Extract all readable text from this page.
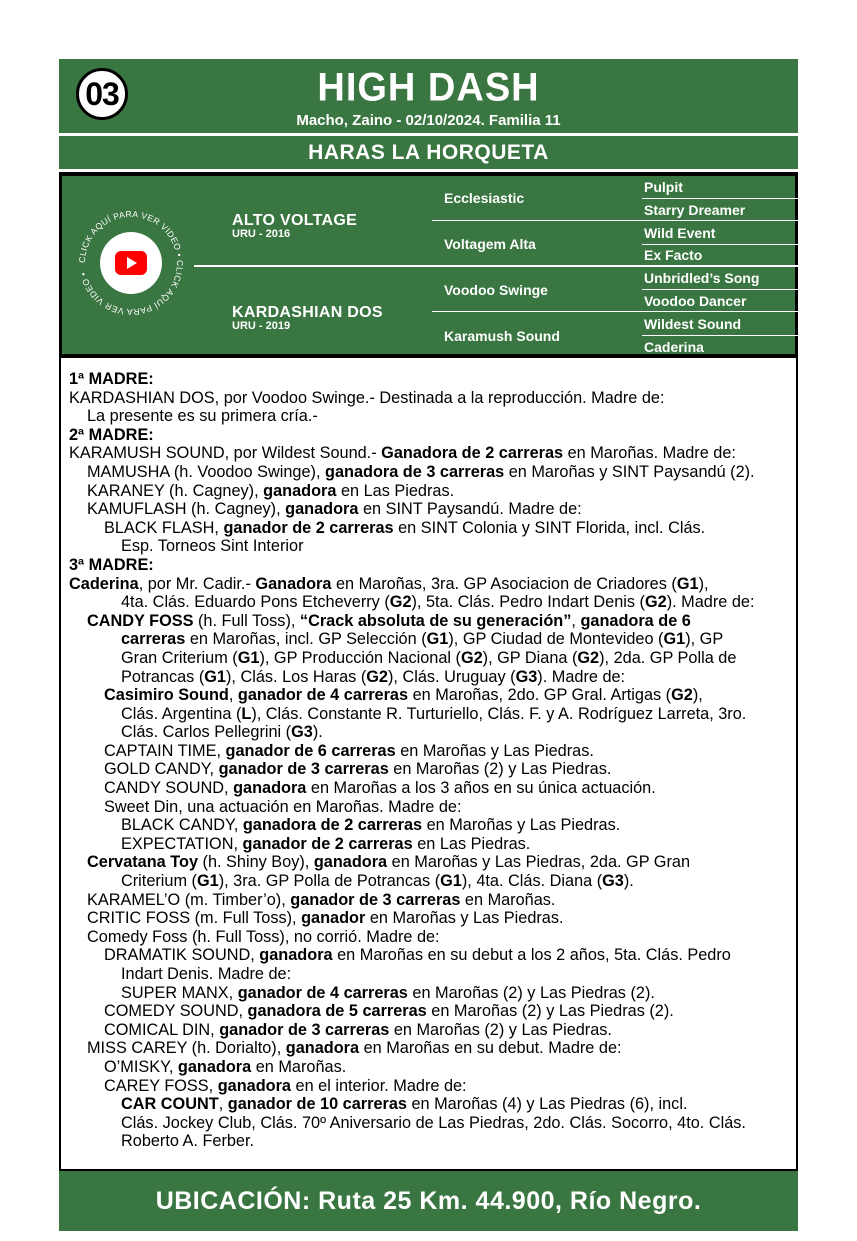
03	HIGH DASH
Macho, Zaino - 02/10/2024. Familia 11
HARAS LA HORQUETA
CLICK AQUÍ PARA VER VIDEO • CLICK AQUÍ PARA VER VIDEO •
ALTO VOLTAGE
URU - 2016
KARDASHIAN DOS
URU - 2019
Ecclesiastic
Voltagem Alta
Voodoo Swinge
Karamush Sound
Pulpit
Starry Dreamer
Wild Event
Ex Facto
Unbridled’s Song
Voodoo Dancer
Wildest Sound
Caderina
1ª MADRE:
KARDASHIAN DOS, por Voodoo Swinge.- Destinada a la reproducción. Madre de:
La presente es su primera cría.-
2ª MADRE:
KARAMUSH SOUND, por Wildest Sound.- Ganadora de 2 carreras en Maroñas. Madre de:
MAMUSHA (h. Voodoo Swinge), ganadora de 3 carreras en Maroñas y SINT Paysandú (2).
KARANEY (h. Cagney), ganadora en Las Piedras.
KAMUFLASH (h. Cagney), ganadora en SINT Paysandú. Madre de:
BLACK FLASH, ganador de 2 carreras en SINT Colonia y SINT Florida, incl. Clás.
Esp. Torneos Sint Interior
3ª MADRE:
Caderina, por Mr. Cadir.- Ganadora en Maroñas, 3ra. GP Asociacion de Criadores (G1),
4ta. Clás. Eduardo Pons Etcheverry (G2), 5ta. Clás. Pedro Indart Denis (G2). Madre de:
CANDY FOSS (h. Full Toss), “Crack absoluta de su generación”, ganadora de 6
carreras en Maroñas, incl. GP Selección (G1), GP Ciudad de Montevideo (G1), GP
Gran Criterium (G1), GP Producción Nacional (G2), GP Diana (G2), 2da. GP Polla de
Potrancas (G1), Clás. Los Haras (G2), Clás. Uruguay (G3). Madre de:
Casimiro Sound, ganador de 4 carreras en Maroñas, 2do. GP Gral. Artigas (G2),
Clás. Argentina (L), Clás. Constante R. Turturiello, Clás. F. y A. Rodríguez Larreta, 3ro.
Clás. Carlos Pellegrini (G3).
CAPTAIN TIME, ganador de 6 carreras en Maroñas y Las Piedras.
GOLD CANDY, ganador de 3 carreras en Maroñas (2) y Las Piedras.
CANDY SOUND, ganadora en Maroñas a los 3 años en su única actuación.
Sweet Din, una actuación en Maroñas. Madre de:
BLACK CANDY, ganadora de 2 carreras en Maroñas y Las Piedras.
EXPECTATION, ganador de 2 carreras en Las Piedras.
Cervatana Toy (h. Shiny Boy), ganadora en Maroñas y Las Piedras, 2da. GP Gran
Criterium (G1), 3ra. GP Polla de Potrancas (G1), 4ta. Clás. Diana (G3).
KARAMEL’O (m. Timber’o), ganador de 3 carreras en Maroñas.
CRITIC FOSS (m. Full Toss), ganador en Maroñas y Las Piedras.
Comedy Foss (h. Full Toss), no corrió. Madre de:
DRAMATIK SOUND, ganadora en Maroñas en su debut a los 2 años, 5ta. Clás. Pedro
Indart Denis. Madre de:
SUPER MANX, ganador de 4 carreras en Maroñas (2) y Las Piedras (2).
COMEDY SOUND, ganadora de 5 carreras en Maroñas (2) y Las Piedras (2).
COMICAL DIN, ganador de 3 carreras en Maroñas (2) y Las Piedras.
MISS CAREY (h. Dorialto), ganadora en Maroñas en su debut. Madre de:
O’MISKY, ganadora en Maroñas.
CAREY FOSS, ganadora en el interior. Madre de:
CAR COUNT, ganador de 10 carreras en Maroñas (4) y Las Piedras (6), incl.
Clás. Jockey Club, Clás. 70º Aniversario de Las Piedras, 2do. Clás. Socorro, 4to. Clás.
Roberto A. Ferber.
UBICACIÓN: Ruta 25 Km. 44.900, Río Negro.
